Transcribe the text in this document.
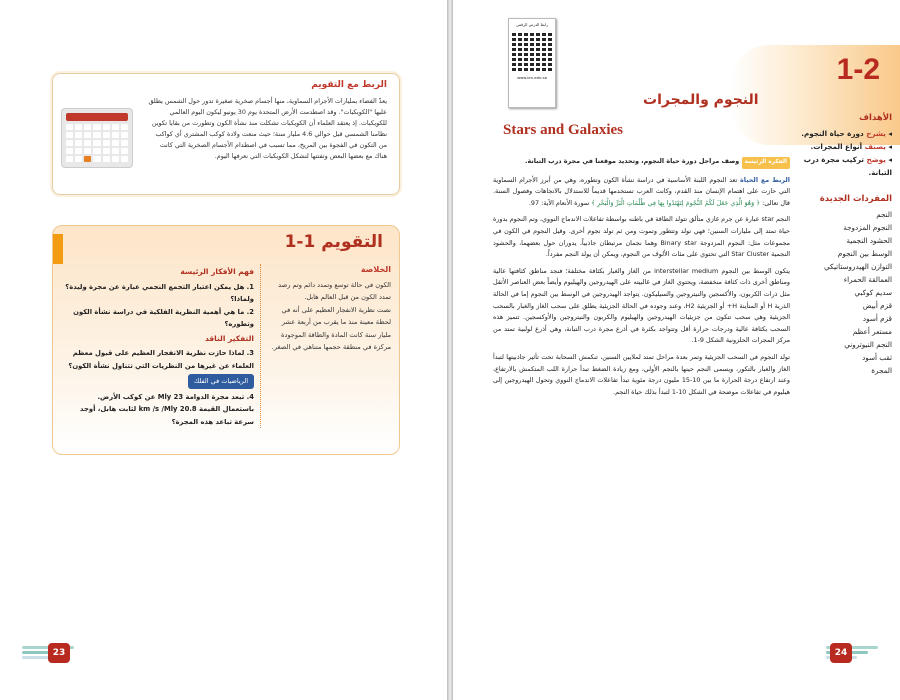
الربط مع التقويم
يعدّ الفضاء بمليارات الأجرام السماوية، منها أجسام صخرية صغيرة تدور حول الشمس يطلق عليها "الكويكبات". وقد اصطدمت الأرض المتحدة يوم 30 يونيو ليكون اليوم العالمي للكويكبات. إذ يعتقد العلماء أن الكويكبات تشكلت منذ نشأة الكون وتطورت من بقايا تكوين نظامنا الشمسي قبل حوالي 4.6 مليار سنة؛ حيث منعت ولادة كوكب المشتري أي كواكب من التكون في الفجوة بين المريخ، مما تسبب في اصطدام الأجسام الصخرية التي كانت هناك مع بعضها البعض وتفتتها لتشكل الكويكبات التي نعرفها اليوم.
التقويم 1-1
الخلاصة

الكون في حالة توسع وتمدد دائم وتم رصد تمدد الكون من قبل العالم هابل.

نصت نظرية الانفجار العظيم على أنه في لحظة معينة منذ ما يقرب من أربعة عشر مليار سنة كانت المادة والطاقة الموجودة مركزة في منطقة حجمها متناهي في الصغر.

فهم الأفكار الرئيسة

1. هل يمكن اعتبار التجمع النجمي عبارة عن مجرة وليدة؟ ولماذا؟

2. ما هي أهمية النظرية الفلكية في دراسة نشأة الكون وتطوره؟

التفكير الناقد

3. لماذا حازت نظرية الانفجار العظيم على قبول معظم العلماء عن غيرها من النظريات التي تتناول نشأة الكون؟

الرياضيات في الفلك

4. تبعد مجرة الدوامة Mly 23 عن كوكب الأرض. باستعمال القيمة 20.8 km /s /Mly لثابت هابل، أوجد سرعة تباعد هذه المجرة؟

23
1-2
رابط الدرس الرقمي
www.ien.edu.sa
النجوم والمجرات
Stars and Galaxies
الأهداف

◂ يشرح دورة حياة النجوم.

◂ يصنف أنواع المجرات.

◂ يوضح تركيب مجرة درب التبانة.

المفردات الجديدة

النجم

النجوم المزدوجة

الحشود النجمية

الوسط بين النجوم

التوازن الهيدروستاتيكي

العمالقة الحمراء

سديم كوكبي

قزم أبيض

قزم أسود

مستعر أعظم

النجم النيوتروني

ثقب أسود

المجرة

الفكرة الرئيسة وصف مراحل دورة حياة النجوم، وتحديد موقعنا في مجرة درب التبانة.

الربط مع الحياة تعد النجوم اللبنة الأساسية في دراسة نشأة الكون وتطوره، وهي من أبرز الأجرام السماوية التي حازت على اهتمام الإنسان منذ القدم، وكانت العرب تستخدمها قديماً للاستدلال بالاتجاهات وفصول السنة. قال تعالى: ﴿ وَهُوَ الَّذِي جَعَلَ لَكُمُ النُّجُومَ لِتَهْتَدُوا بِهَا فِي ظُلُمَاتِ الْبَرِّ وَالْبَحْرِ ﴾ سورة الأنعام الآية: 97.

النجم star عبارة عن جرم غازي متألق تتولد الطاقة في باطنه بواسطة تفاعلات الاندماج النووي، وتم النجوم بدورة حياة تمتد إلى مليارات السنين؛ فهي تولد وتتطور وتموت ومن ثم تولد نجوم أخرى. وقيل النجوم في الكون في مجموعات مثل: النجوم المزدوجة Binary star وهما نجمان مرتبطان جاذبياً، يدوران حول بعضهما، والحشود النجمية Star Cluster التي تحتوي على مئات الألوف من النجوم، ويمكن أن يولد النجم مفرداً.

يتكون الوسط بين النجوم interstellar medium من الغاز والغبار بكثافة مختلفة؛ فنجد مناطق كثافتها عالية ومناطق أخرى ذات كثافة منخفضة، ويحتوي الغاز في غالبيته على الهيدروجين والهيليوم وأيضاً بعض العناصر الأثقل مثل ذرات الكربون، والأكسجين والنيتروجين والسيليكون. يتواجد الهيدروجين في الوسط بين النجوم إما في الحالة الذرية H أو المتأينة H+ أو الجزيئية H2، وعند وجوده في الحالة الجزيئية يطلق على سحب الغاز والغبار بالسحب الجزيئية وهي سحب تتكون من جزيئيات الهيدروجين والهيليوم والكربون والنيتروجين والأوكسجين. تتميز هذه السحب بكثافة عالية ودرجات حرارة أقل وتتواجد بكثرة في أذرع مجرة درب التبانة، وهي أذرع لولبية تمتد من مركز المجرات الحلزونية الشكل 9-1.

تولد النجوم في السحب الجزيئية وتمر بعدة مراحل تمتد لملايين السنين، تنكمش السحابة تحت تأثير جاذبيتها لتبدأ الغاز والغبار بالتكور، ويسمى النجم حينها بالنجم الأولي، ومع زيادة الضغط تبدأ حرارة اللب المتكمش بالارتفاع، وعند ارتفاع درجة الحرارة ما بين 10-15 مليون درجة مئوية تبدأ تفاعلات الاندماج النووي وتحول الهيدروجين إلى هيليوم في تفاعلات موضحة في الشكل 10-1 لتبدأ بذلك حياة النجم.

24
